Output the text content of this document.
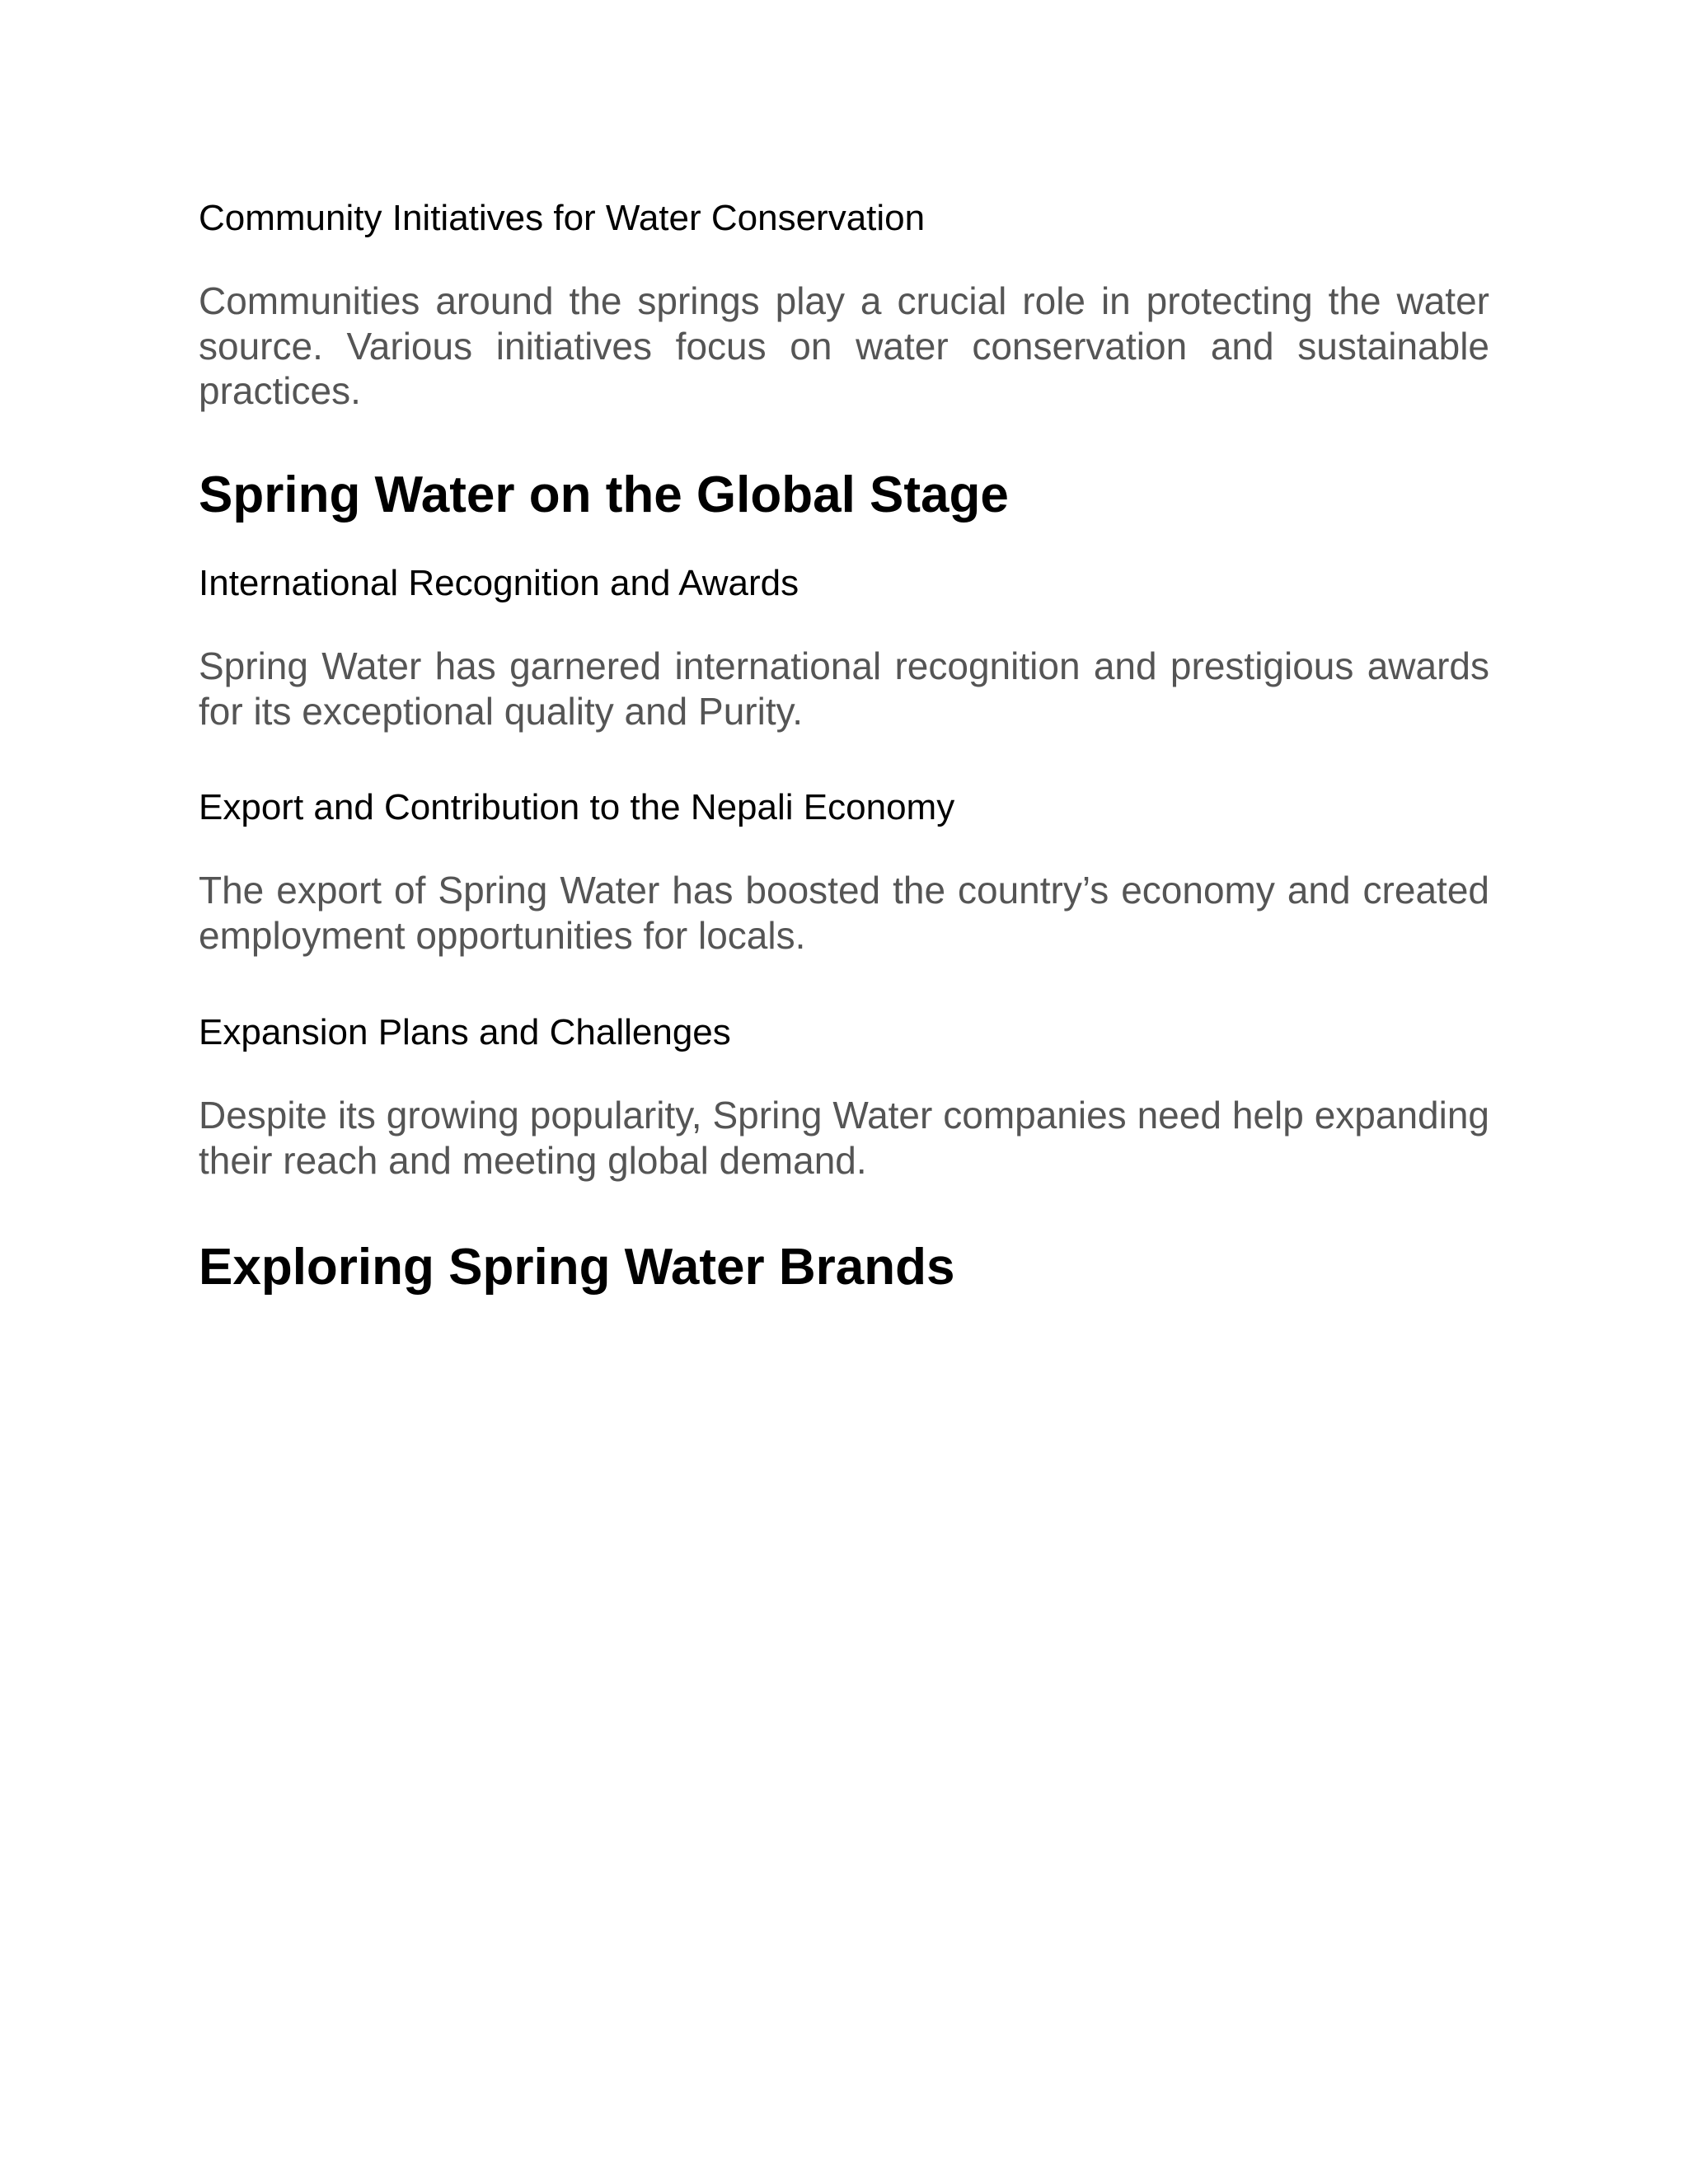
Community Initiatives for Water Conservation

Communities around the springs play a crucial role in protecting the water source. Various initiatives focus on water conservation and sustainable practices.

Spring Water on the Global Stage
International Recognition and Awards

Spring Water has garnered international recognition and prestigious awards for its exceptional quality and Purity.

Export and Contribution to the Nepali Economy

The export of Spring Water has boosted the country’s economy and created employment opportunities for locals.

Expansion Plans and Challenges

Despite its growing popularity, Spring Water companies need help expanding their reach and meeting global demand.

Exploring Spring Water Brands
